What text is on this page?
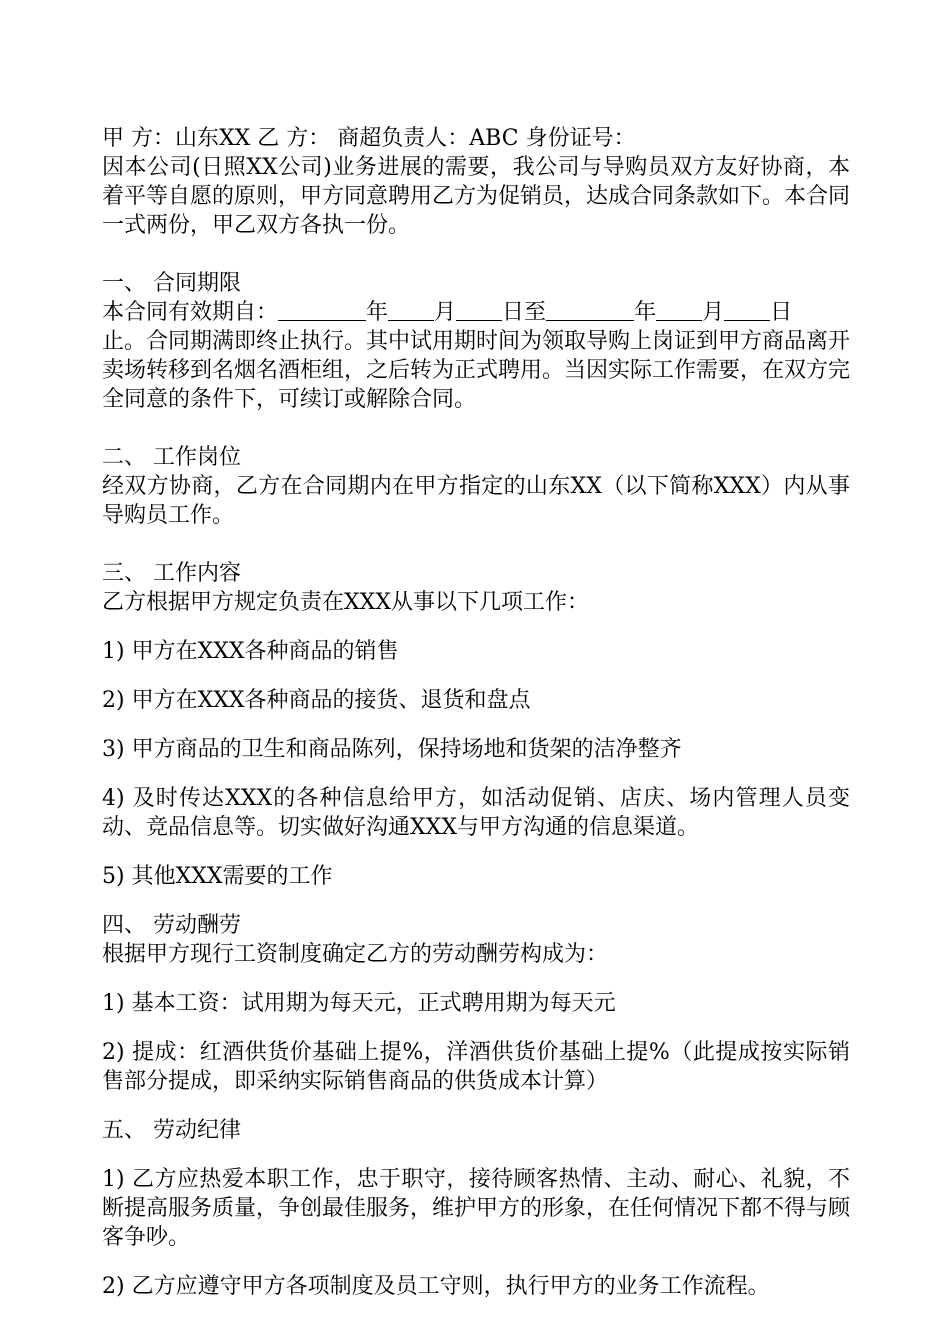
甲 方：山东XX 乙 方： 商超负责人：ABC 身份证号：

因本公司(日照XX公司)业务进展的需要，我公司与导购员双方友好协商，本着平等自愿的原则，甲方同意聘用乙方为促销员，达成合同条款如下。本合同一式两份，甲乙双方各执一份。

一、 合同期限

本合同有效期自：	年 月 日至	年 月 日

止。合同期满即终止执行。其中试用期时间为领取导购上岗证到甲方商品离开卖场转移到名烟名酒柜组，之后转为正式聘用。当因实际工作需要，在双方完全同意的条件下，可续订或解除合同。

二、 工作岗位

经双方协商，乙方在合同期内在甲方指定的山东XX（以下简称XXX）内从事导购员工作。

三、 工作内容

乙方根据甲方规定负责在XXX从事以下几项工作：

1) 甲方在XXX各种商品的销售

2) 甲方在XXX各种商品的接货、退货和盘点

3) 甲方商品的卫生和商品陈列，保持场地和货架的洁净整齐

4) 及时传达XXX的各种信息给甲方，如活动促销、店庆、场内管理人员变动、竞品信息等。切实做好沟通XXX与甲方沟通的信息渠道。

5) 其他XXX需要的工作

四、 劳动酬劳

根据甲方现行工资制度确定乙方的劳动酬劳构成为：

1) 基本工资：试用期为每天元，正式聘用期为每天元

2) 提成：红酒供货价基础上提%，洋酒供货价基础上提%（此提成按实际销售部分提成，即采纳实际销售商品的供货成本计算）

五、 劳动纪律

1) 乙方应热爱本职工作，忠于职守，接待顾客热情、主动、耐心、礼貌，不断提高服务质量，争创最佳服务，维护甲方的形象，在任何情况下都不得与顾客争吵。

2) 乙方应遵守甲方各项制度及员工守则，执行甲方的业务工作流程。
